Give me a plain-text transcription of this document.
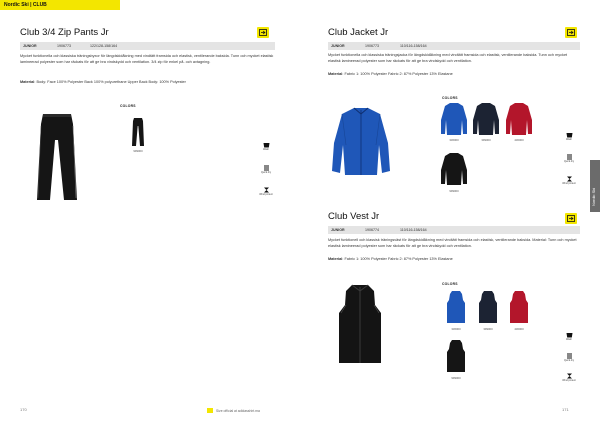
Nordic Ski | CLUB
Club 3/4 Zip Pants Jr
JUNIOR	1906773	122/128-158/164
Mycket funktionella och klassiska träningsbyxor för längdskidåkning med vindtätt framsida och elastisk, ventilerande baksida. Tunn och mycket elastisk lamineerad polyester som har räckats för att ge bra vindskydd och ventilation. 3/4 zip för enkel på- och avtagning.
Material: Body: Face 100% Polyester Back 100% polyurethane Upper Back Body: 100% Polyester
COLORS
999000	Wash
Quick dry
Wind protect
170	Size official at adidasshirt.ma
Nordic Ski
Club Jacket Jr
JUNIOR	1906773	110/116-158/164
Mycket funktionella och klassiska träningsjacka för längdskidåkning med vindtätt framsida och elastisk, ventilerande baksida. Tunn och mycket elastisk lamineerad polyester som har räckats för att ge bra vindskydd och ventilation.
Material: Fabric 1: 100% Polyester Fabric 2: 87% Polyester 13% Elastane
COLORS
336000	399000	430000
999000
Wash
Quick dry
Wind protect
Club Vest Jr
JUNIOR	1906774	110/116-158/164
Mycket funktionell och klassisk träningsväst för längdskidåkning med vindtätt framsida och elastisk, ventilerande baksida. Material: Tunn och mycket elastisk lamineerad polyester som har räckats för att ge bra vindskydd och ventilation.
Material: Fabric 1: 100% Polyester Fabric 2: 87% Polyester 13% Elastane
COLORS
336000	399000	430000
999000
Wash
Quick dry
Wind protect
171
